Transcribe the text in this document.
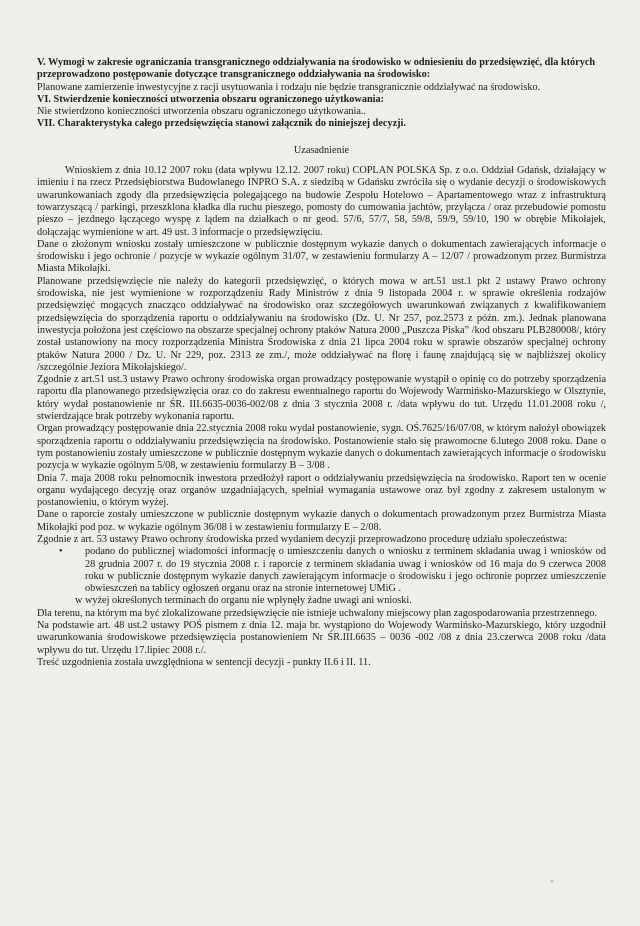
V. Wymogi w zakresie ograniczania transgranicznego oddziaływania na środowisko w odniesieniu do przedsięwzięć, dla których przeprowadzono postępowanie dotyczące transgranicznego oddziaływania na środowisko:

Planowane zamierzenie inwestycyjne z racji usytuowania i rodzaju nie będzie transgranicznie oddziaływać na środowisko.

VI. Stwierdzenie konieczności utworzenia obszaru ograniczonego użytkowania:

Nie stwierdzono konieczności utworzenia obszaru ograniczonego użytkowania..

VII. Charakterystyka całego przedsięwzięcia stanowi załącznik do niniejszej decyzji.

Uzasadnienie

Wnioskiem z dnia 10.12 2007 roku (data wpływu 12.12. 2007 roku) COPLAN POLSKA Sp. z o.o. Oddział Gdańsk, działający w imieniu i na rzecz Przedsiębiorstwa Budowlanego INPRO S.A. z siedzibą w Gdańsku zwróciła się o wydanie decyzji o środowiskowych uwarunkowaniach zgody dla przedsięwzięcia polegającego na budowie Zespołu Hotelowo – Apartamentowego wraz z infrastrukturą towarzyszącą / parkingi, przeszklona kładka dla ruchu pieszego, pomosty do cumowania jachtów, przyłącza / oraz przebudowie pomostu pieszo – jezdnego łączącego wyspę z lądem na działkach o nr geod. 57/6, 57/7, 58, 59/8, 59/9, 59/10, 190 w obrębie Mikołajek, dołączając wymienione w art. 49 ust. 3 informacje o przedsięwzięciu.

Dane o złożonym wniosku zostały umieszczone w publicznie dostępnym wykazie danych o dokumentach zawierających informacje o środowisku i jego ochronie / pozycje w wykazie ogólnym 31/07, w zestawieniu formularzy A – 12/07 / prowadzonym przez Burmistrza Miasta Mikołajki.

Planowane przedsięwzięcie nie należy do kategorii przedsięwzięć, o których mowa w art.51 ust.1 pkt 2 ustawy Prawo ochrony środowiska, nie jest wymienione w rozporządzeniu Rady Ministrów z dnia 9 listopada 2004 r. w sprawie określenia rodzajów przedsięwzięć mogących znacząco oddziaływać na środowisko oraz szczegółowych uwarunkowań związanych z kwalifikowaniem przedsięwzięcia do sporządzenia raportu o oddziaływaniu na środowisko (Dz. U. Nr 257, poz.2573 z późn. zm.). Jednak planowana inwestycja położona jest częściowo na obszarze specjalnej ochrony ptaków Natura 2000 „Puszcza Piska” /kod obszaru PLB280008/, który został ustanowiony na mocy rozporządzenia Ministra Środowiska z dnia 21 lipca 2004 roku w sprawie obszarów specjalnej ochrony ptaków Natura 2000 / Dz. U. Nr 229, poz. 2313 ze zm./, może oddziaływać na florę i faunę znajdującą się w najbliższej okolicy /szczególnie Jeziora Mikołajskiego/.

Zgodnie z art.51 ust.3 ustawy Prawo ochrony środowiska organ prowadzący postępowanie wystąpił o opinię co do potrzeby sporządzenia raportu dla planowanego przedsięwzięcia oraz co do zakresu ewentualnego raportu do Wojewody Warmińsko-Mazurskiego w Olsztynie, który wydał postanowienie nr ŚR. III.6635-0036-002/08 z dnia 3 stycznia 2008 r. /data wpływu do tut. Urzędu 11.01.2008 roku /, stwierdzające brak potrzeby wykonania raportu.

Organ prowadzący postępowanie dnia 22.stycznia 2008 roku wydał postanowienie, sygn. OŚ.7625/16/07/08, w którym nałożył obowiązek sporządzenia raportu o oddziaływaniu przedsięwzięcia na środowisko. Postanowienie stało się prawomocne 6.lutego 2008 roku. Dane o tym postanowieniu zostały umieszczone w publicznie dostępnym wykazie danych o dokumentach zawierających informacje o środowisku pozycja w wykazie ogólnym 5/08, w zestawieniu formularzy B – 3/08 .

Dnia 7. maja 2008 roku pełnomocnik inwestora przedłożył raport o oddziaływaniu przedsięwzięcia na środowisko. Raport ten w ocenie organu wydającego decyzję oraz organów uzgadniających, spełniał wymagania ustawowe oraz był zgodny z zakresem ustalonym w postanowieniu, o którym wyżej.

Dane o raporcie zostały umieszczone w publicznie dostępnym wykazie danych o dokumentach prowadzonym przez Burmistrza Miasta Mikołajki pod poz. w wykazie ogólnym 36/08 i w zestawieniu formularzy E – 2/08.

Zgodnie z art. 53 ustawy Prawo ochrony środowiska przed wydaniem decyzji przeprowadzono procedurę udziału społeczeństwa:

• podano do publicznej wiadomości informację o umieszczeniu danych o wniosku z terminem składania uwag i wniosków od 28 grudnia 2007 r. do 19 stycznia 2008 r. i raporcie z terminem składania uwag i wniosków od 16 maja do 9 czerwca 2008 roku w publicznie dostępnym wykazie danych zawierającym informacje o środowisku i jego ochronie poprzez umieszczenie obwieszczeń na tablicy ogłoszeń organu oraz na stronie internetowej UMiG .
w wyżej określonych terminach do organu nie wpłynęły żadne uwagi ani wnioski.

Dla terenu, na którym ma być zlokalizowane przedsięwzięcie nie istnieje uchwalony miejscowy plan zagospodarowania przestrzennego.

Na podstawie art. 48 ust.2 ustawy POŚ pismem z dnia 12. maja br. wystąpiono do Wojewody Warmińsko-Mazurskiego, który uzgodnił uwarunkowania środowiskowe przedsięwzięcia postanowieniem Nr ŚR.III.6635 – 0036 -002 /08 z dnia 23.czerwca 2008 roku /data wpływu do tut. Urzędu 17.lipiec 2008 r./.

Treść uzgodnienia została uwzględniona w sentencji decyzji - punkty II.6 i II. 11.

*
